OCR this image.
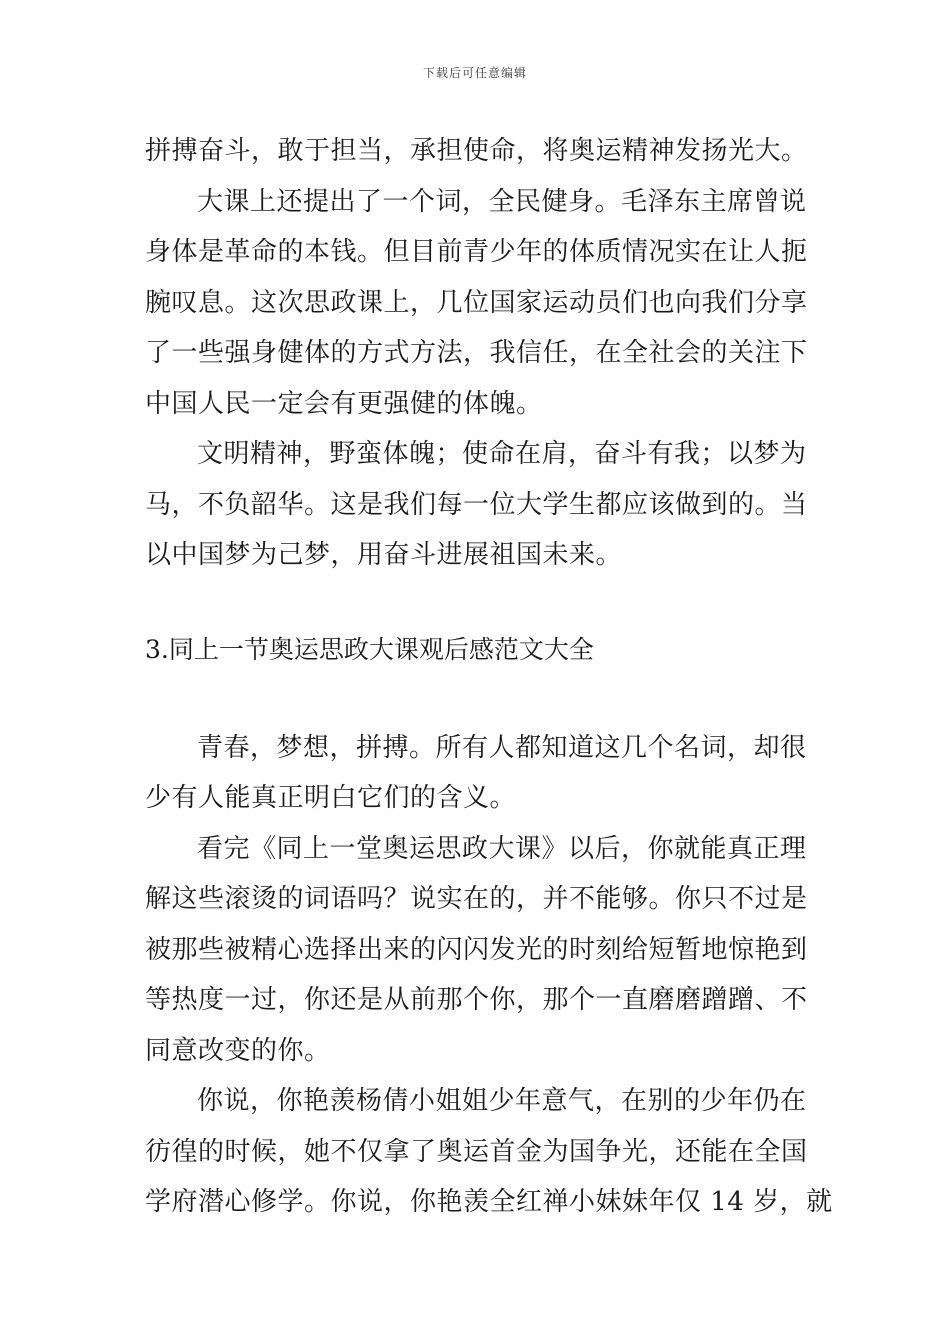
下载后可任意编辑
拼搏奋斗，敢于担当，承担使命，将奥运精神发扬光大。
大课上还提出了一个词，全民健身。毛泽东主席曾说
身体是革命的本钱。但目前青少年的体质情况实在让人扼
腕叹息。这次思政课上，几位国家运动员们也向我们分享
了一些强身健体的方式方法，我信任，在全社会的关注下
中国人民一定会有更强健的体魄。
文明精神，野蛮体魄；使命在肩，奋斗有我；以梦为
马，不负韶华。这是我们每一位大学生都应该做到的。当
以中国梦为己梦，用奋斗进展祖国未来。
3.同上一节奥运思政大课观后感范文大全
青春，梦想，拼搏。所有人都知道这几个名词，却很
少有人能真正明白它们的含义。
看完《同上一堂奥运思政大课》以后，你就能真正理
解这些滚烫的词语吗？说实在的，并不能够。你只不过是
被那些被精心选择出来的闪闪发光的时刻给短暂地惊艳到
等热度一过，你还是从前那个你，那个一直磨磨蹭蹭、不
同意改变的你。
你说，你艳羡杨倩小姐姐少年意气，在别的少年仍在
彷徨的时候，她不仅拿了奥运首金为国争光，还能在全国
学府潜心修学。你说，你艳羡全红禅小妹妹年仅 14 岁，就
